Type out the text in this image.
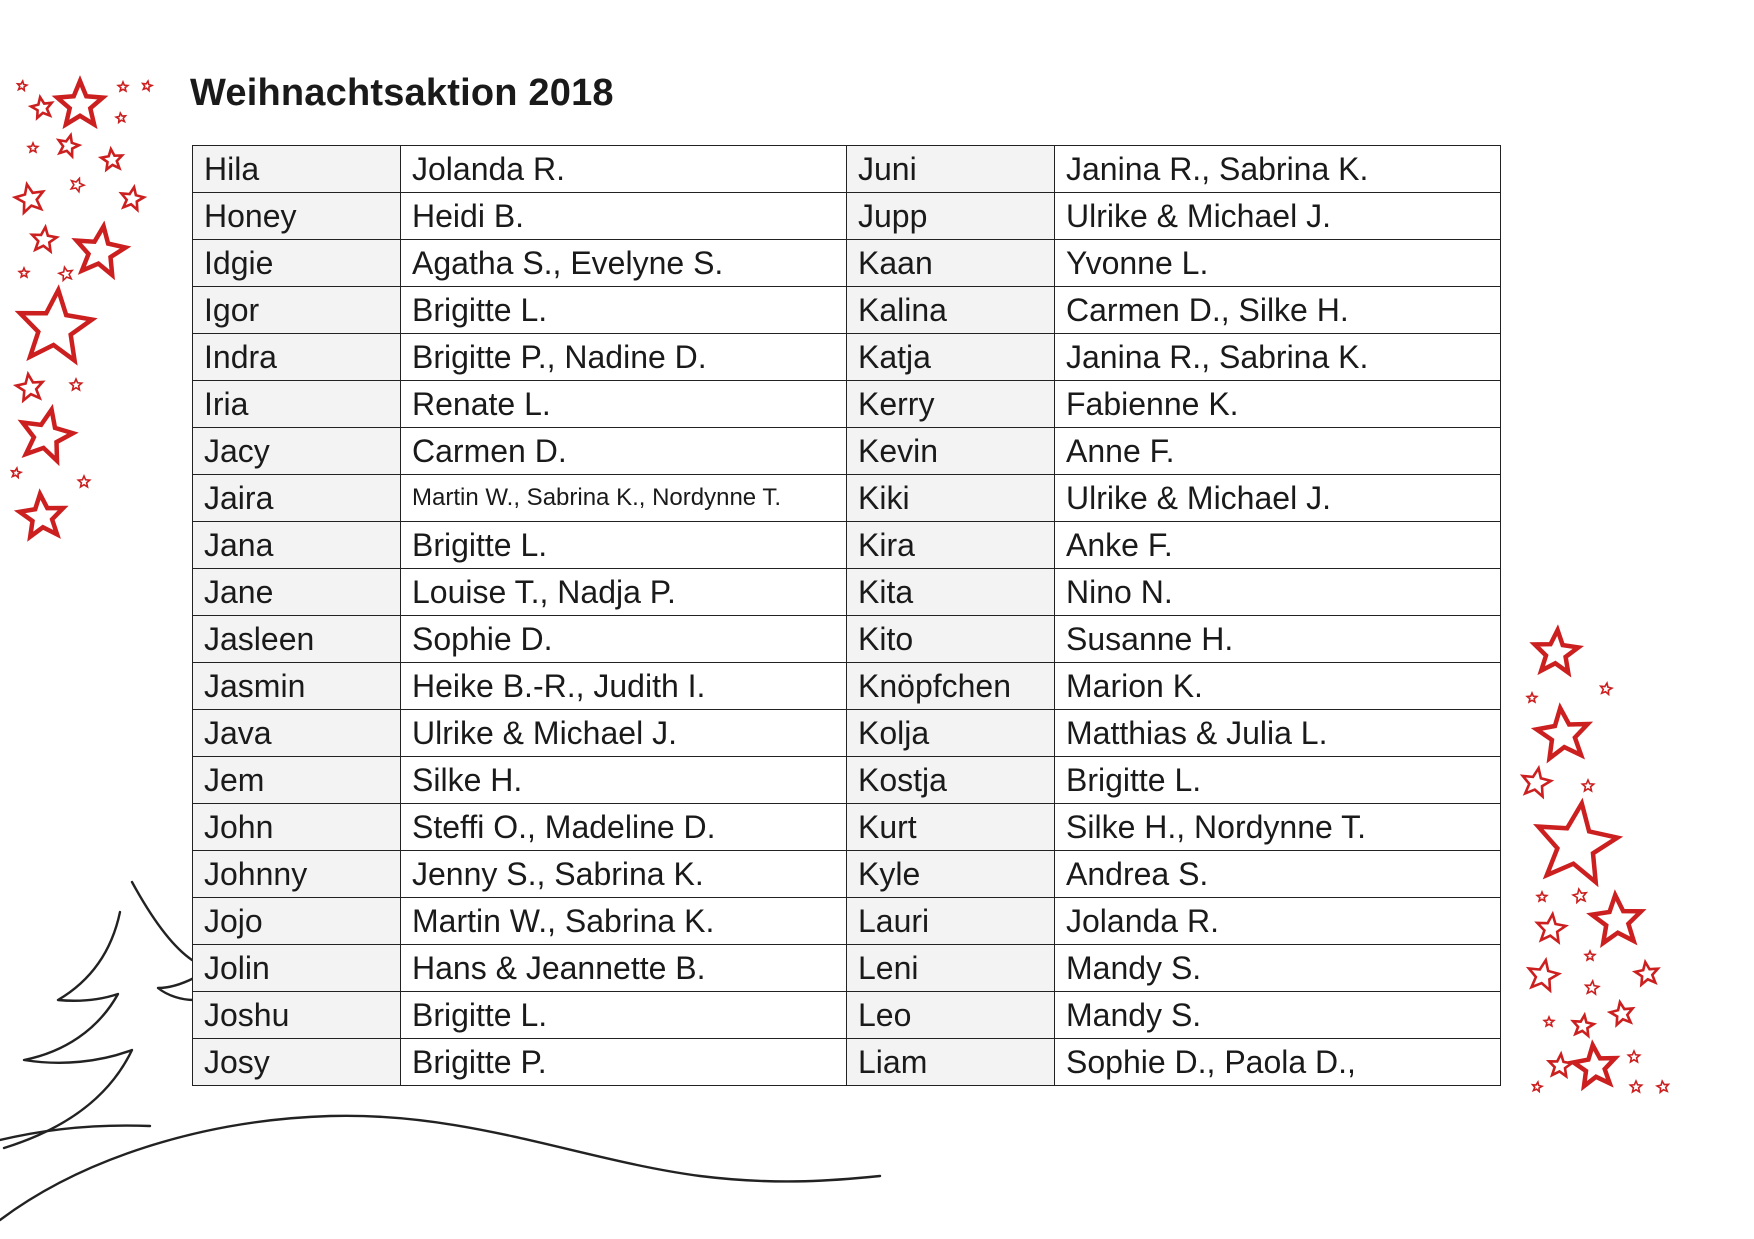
Weihnachtsaktion 2018
Hila	Jolanda R.	Juni	Janina R., Sabrina K.
Honey	Heidi B.	Jupp	Ulrike & Michael J.
Idgie	Agatha S., Evelyne S.	Kaan	Yvonne L.
Igor	Brigitte L.	Kalina	Carmen D., Silke H.
Indra	Brigitte P., Nadine D.	Katja	Janina R., Sabrina K.
Iria	Renate L.	Kerry	Fabienne K.
Jacy	Carmen D.	Kevin	Anne F.
Jaira	Martin W., Sabrina K., Nordynne T.	Kiki	Ulrike & Michael J.
Jana	Brigitte L.	Kira	Anke F.
Jane	Louise T., Nadja P.	Kita	Nino N.
Jasleen	Sophie D.	Kito	Susanne H.
Jasmin	Heike B.-R., Judith I.	Knöpfchen	Marion K.
Java	Ulrike & Michael J.	Kolja	Matthias & Julia L.
Jem	Silke H.	Kostja	Brigitte L.
John	Steffi O., Madeline D.	Kurt	Silke H., Nordynne T.
Johnny	Jenny S., Sabrina K.	Kyle	Andrea S.
Jojo	Martin W., Sabrina K.	Lauri	Jolanda R.
Jolin	Hans & Jeannette B.	Leni	Mandy S.
Joshu	Brigitte L.	Leo	Mandy S.
Josy	Brigitte P.	Liam	Sophie D., Paola D.,
